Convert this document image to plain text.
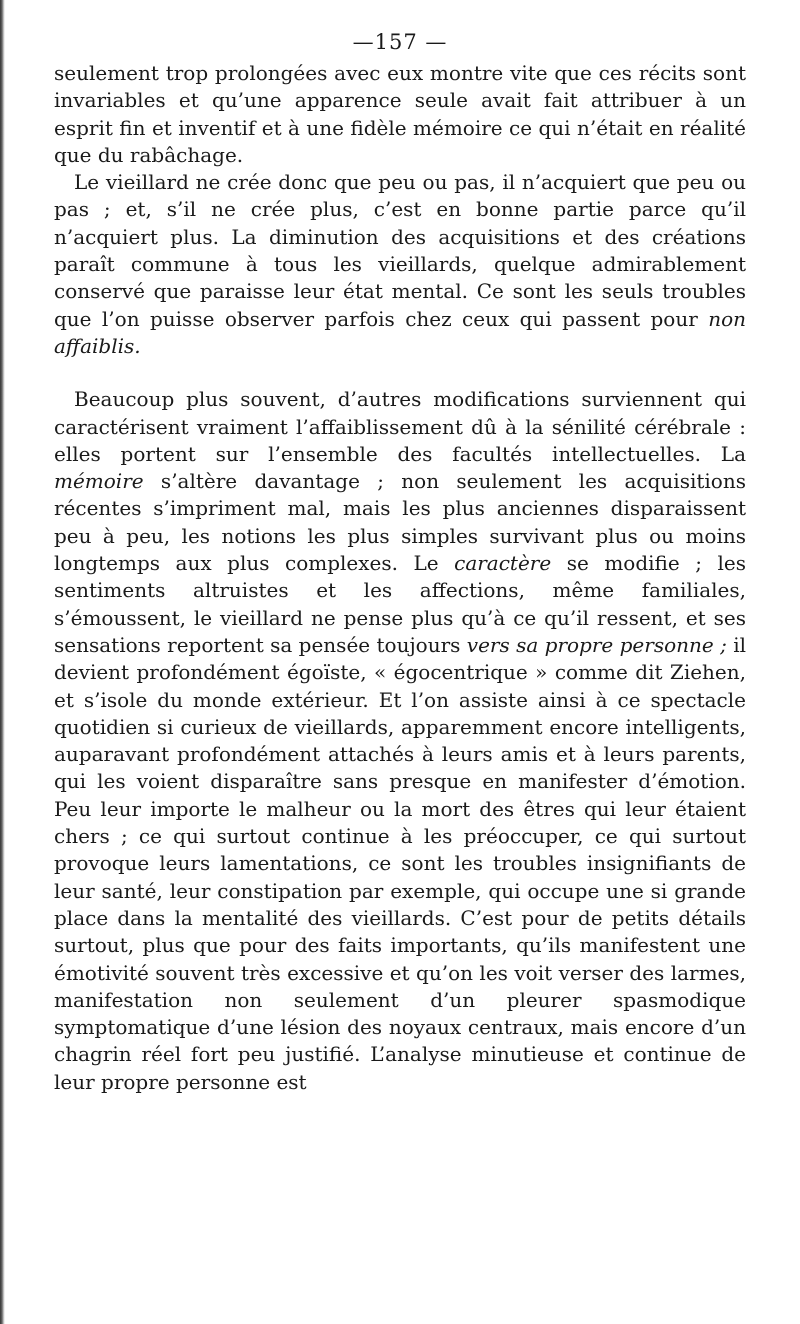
—157 —

seulement trop prolongées avec eux montre vite que ces récits sont invariables et qu’une apparence seule avait fait attribuer à un esprit fin et inventif et à une fidèle mémoire ce qui n’était en réalité que du rabâchage.

Le vieillard ne crée donc que peu ou pas, il n’acquiert que peu ou pas ; et, s’il ne crée plus, c’est en bonne partie parce qu’il n’acquiert plus. La diminution des acquisitions et des créations paraît commune à tous les vieillards, quelque admirablement conservé que paraisse leur état mental. Ce sont les seuls troubles que l’on puisse observer parfois chez ceux qui passent pour non affaiblis.

Beaucoup plus souvent, d’autres modifications surviennent qui caractérisent vraiment l’affaiblissement dû à la sénilité cérébrale : elles portent sur l’ensemble des facultés intellectuelles. La mémoire s’altère davantage ; non seulement les acquisitions récentes s’impriment mal, mais les plus anciennes disparaissent peu à peu, les notions les plus simples survivant plus ou moins longtemps aux plus complexes. Le caractère se modifie ; les sentiments altruistes et les affections, même familiales, s’émoussent, le vieillard ne pense plus qu’à ce qu’il ressent, et ses sensations reportent sa pensée toujours vers sa propre personne ; il devient profondément égoïste, « égocentrique » comme dit Ziehen, et s’isole du monde extérieur. Et l’on assiste ainsi à ce spectacle quotidien si curieux de vieillards, apparemment encore intelligents, auparavant profondément attachés à leurs amis et à leurs parents, qui les voient disparaître sans presque en manifester d’émotion. Peu leur importe le malheur ou la mort des êtres qui leur étaient chers ; ce qui surtout continue à les préoccuper, ce qui surtout provoque leurs lamentations, ce sont les troubles insignifiants de leur santé, leur constipation par exemple, qui occupe une si grande place dans la mentalité des vieillards. C’est pour de petits détails surtout, plus que pour des faits importants, qu’ils manifestent une émotivité souvent très excessive et qu’on les voit verser des larmes, manifestation non seulement d’un pleurer spasmodique symptomatique d’une lésion des noyaux centraux, mais encore d’un chagrin réel fort peu justifié. L’analyse minutieuse et continue de leur propre personne est
